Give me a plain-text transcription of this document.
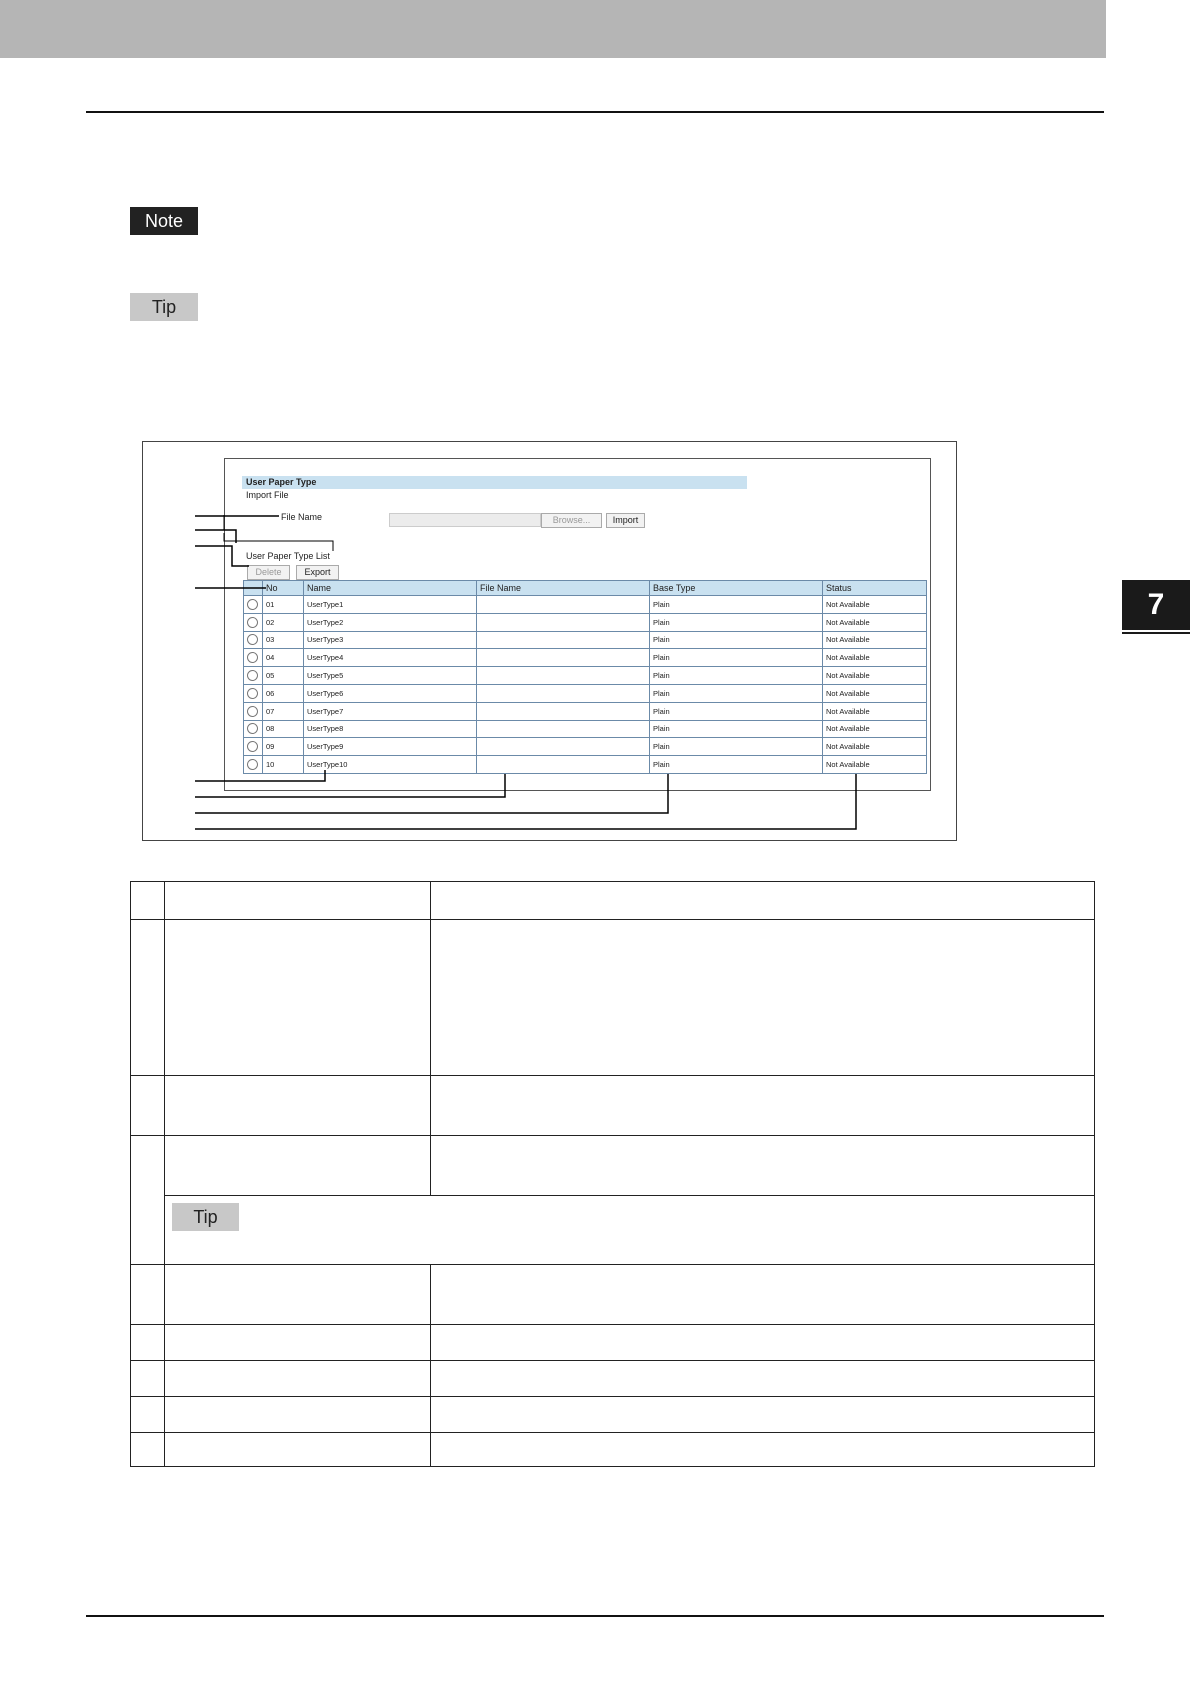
Note
Tip
7
User Paper Type
Import File
File Name	Browse...	Import
User Paper Type List
Delete	Export
	No	Name	File Name	Base Type	Status
	01	UserType1		Plain	Not Available
	02	UserType2		Plain	Not Available
	03	UserType3		Plain	Not Available
	04	UserType4		Plain	Not Available
	05	UserType5		Plain	Not Available
	06	UserType6		Plain	Not Available
	07	UserType7		Plain	Not Available
	08	UserType8		Plain	Not Available
	09	UserType9		Plain	Not Available
	10	UserType10		Plain	Not Available
Tip
